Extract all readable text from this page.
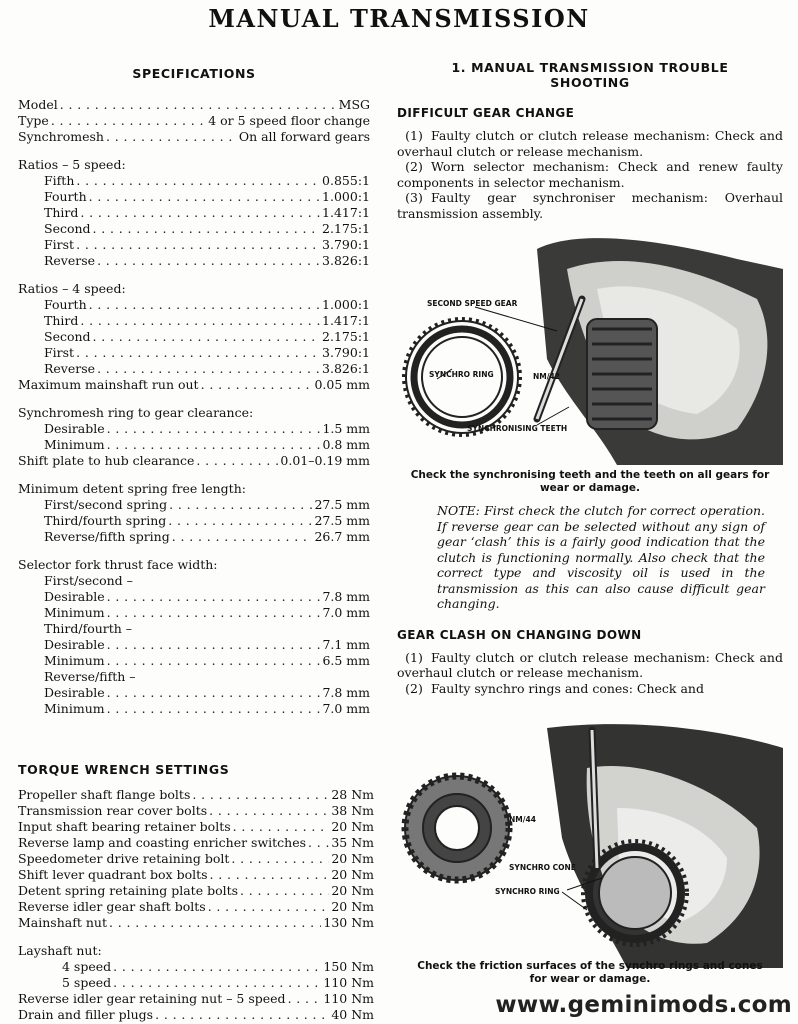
MANUAL TRANSMISSION
SPECIFICATIONS
Model . . .	MSG
Type . . .	4 or 5 speed floor change
Synchromesh . . .	On all forward gears
Ratios – 5 speed:
Fifth . . .	0.855:1
Fourth . . .	1.000:1
Third . . .	1.417:1
Second . . .	2.175:1
First . . .	3.790:1
Reverse . . .	3.826:1
Ratios – 4 speed:
Fourth . . .	1.000:1
Third . . .	1.417:1
Second . . .	2.175:1
First . . .	3.790:1
Reverse . . .	3.826:1
Maximum mainshaft run out . . .	0.05 mm
Synchromesh ring to gear clearance:
Desirable . . .	1.5 mm
Minimum . . .	0.8 mm
Shift plate to hub clearance . . .	0.01–0.19 mm
Minimum detent spring free length:
First/second spring . . .	27.5 mm
Third/fourth spring . . .	27.5 mm
Reverse/fifth spring . . .	26.7 mm
Selector fork thrust face width:
First/second –
Desirable . . .	7.8 mm
Minimum . . .	7.0 mm
Third/fourth –
Desirable . . .	7.1 mm
Minimum . . .	6.5 mm
Reverse/fifth –
Desirable . . .	7.8 mm
Minimum . . .	7.0 mm
TORQUE WRENCH SETTINGS
Propeller shaft flange bolts . . .	28 Nm
Transmission rear cover bolts . . .	38 Nm
Input shaft bearing retainer bolts . . .	20 Nm
Reverse lamp and coasting enricher switches . . . 35 Nm
Speedometer drive retaining bolt . . .	20 Nm
Shift lever quadrant box bolts . . .	20 Nm
Detent spring retaining plate bolts . . .	20 Nm
Reverse idler gear shaft bolts . . .	20 Nm
Mainshaft nut . . .	130 Nm
Layshaft nut:
4 speed . . .	150 Nm
5 speed . . .	110 Nm
Reverse idler gear retaining nut – 5 speed . . .	110 Nm
Drain and filler plugs . . .	40 Nm
1. MANUAL TRANSMISSION TROUBLE
SHOOTING
DIFFICULT GEAR CHANGE
(1) Faulty clutch or clutch release mechanism: Check and overhaul clutch or release mechanism.
(2) Worn selector mechanism: Check and renew faulty components in selector mechanism.
(3) Faulty gear synchroniser mechanism: Overhaul transmission assembly.
SECOND SPEED GEAR
SYNCHRO RING	NM/42
SYNCHRONISING TEETH
Check the synchronising teeth and the teeth on all gears for
wear or damage.
NOTE: First check the clutch for correct operation. If reverse gear can be selected without any sign of gear ‘clash’ this is a fairly good indication that the clutch is functioning normally. Also check that the correct type and viscosity oil is used in the transmission as this can also cause difficult gear changing.
GEAR CLASH ON CHANGING DOWN
(1) Faulty clutch or clutch release mechanism: Check and overhaul clutch or release mechanism.
(2) Faulty synchro rings and cones: Check and
NM/44
SYNCHRO CONE
SYNCHRO RING
Check the friction surfaces of the synchro rings and cones
for wear or damage.
www.geminimods.com
